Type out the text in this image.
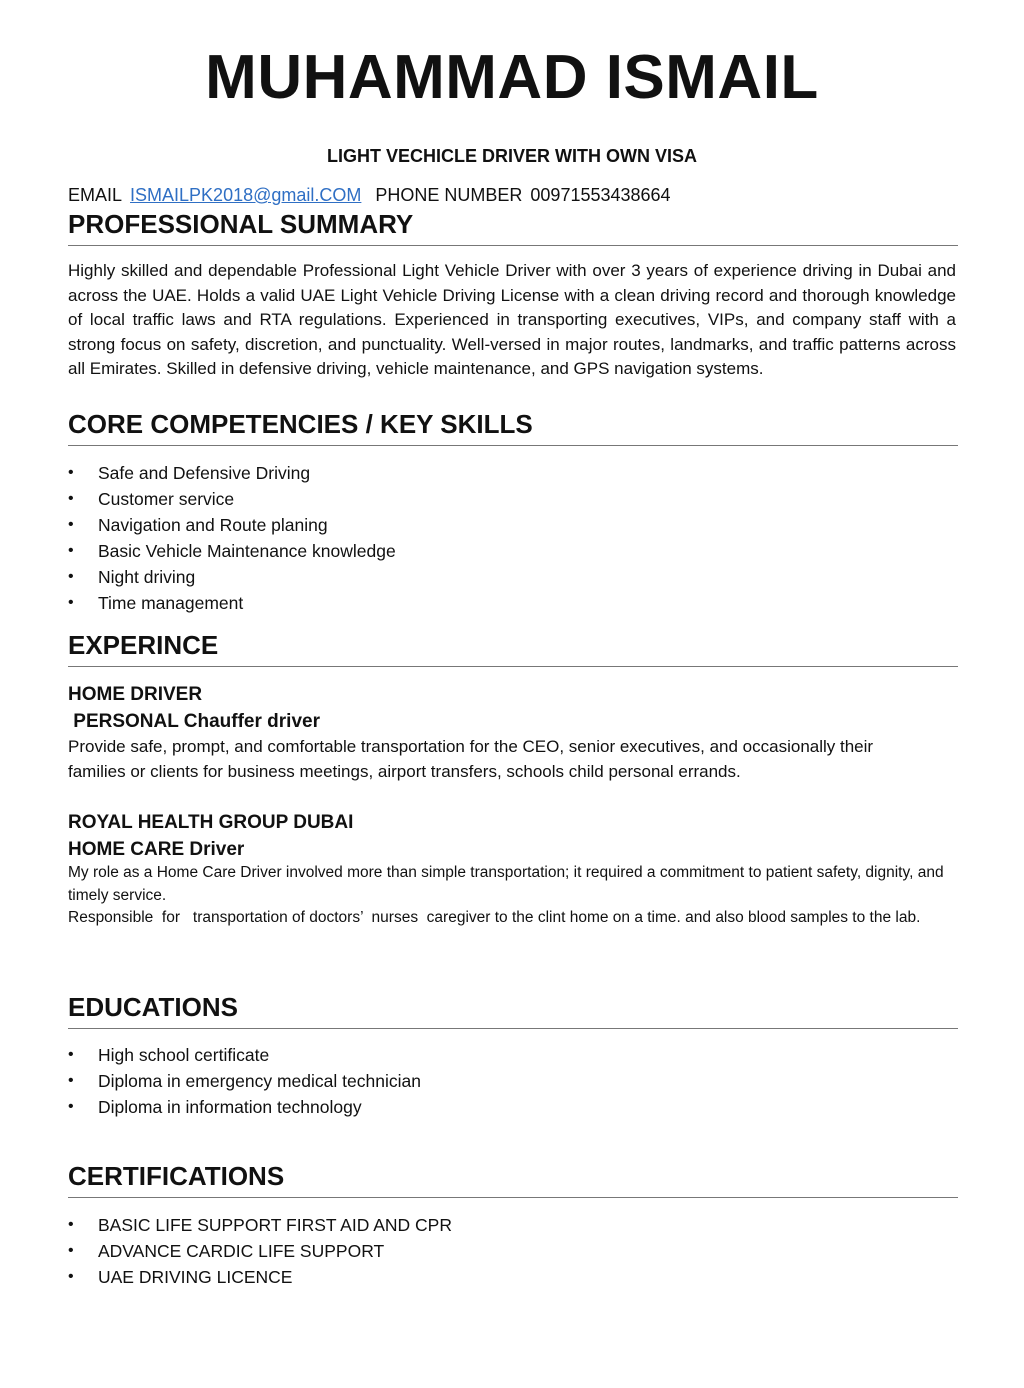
MUHAMMAD ISMAIL
LIGHT VECHICLE DRIVER WITH OWN VISA
EMAIL ISMAILPK2018@gmail.COM PHONE NUMBER 00971553438664
PROFESSIONAL SUMMARY
Highly skilled and dependable Professional Light Vehicle Driver with over 3 years of experience driving in Dubai and across the UAE. Holds a valid UAE Light Vehicle Driving License with a clean driving record and thorough knowledge of local traffic laws and RTA regulations. Experienced in transporting executives, VIPs, and company staff with a strong focus on safety, discretion, and punctuality. Well-versed in major routes, landmarks, and traffic patterns across all Emirates. Skilled in defensive driving, vehicle maintenance, and GPS navigation systems.
CORE COMPETENCIES / KEY SKILLS
• Safe and Defensive Driving
• Customer service
• Navigation and Route planing
• Basic Vehicle Maintenance knowledge
• Night driving
• Time management
EXPERINCE
HOME DRIVER
PERSONAL Chauffer driver
Provide safe, prompt, and comfortable transportation for the CEO, senior executives, and occasionally their families or clients for business meetings, airport transfers, schools child personal errands.
ROYAL HEALTH GROUP DUBAI
HOME CARE Driver
My role as a Home Care Driver involved more than simple transportation; it required a commitment to patient safety, dignity, and timely service.
Responsible  for   transportation of doctors’  nurses  caregiver to the clint home on a time. and also blood samples to the lab.
EDUCATIONS
• High school certificate
• Diploma in emergency medical technician
• Diploma in information technology
CERTIFICATIONS
• BASIC LIFE SUPPORT FIRST AID AND CPR
• ADVANCE CARDIC LIFE SUPPORT
• UAE DRIVING LICENCE
